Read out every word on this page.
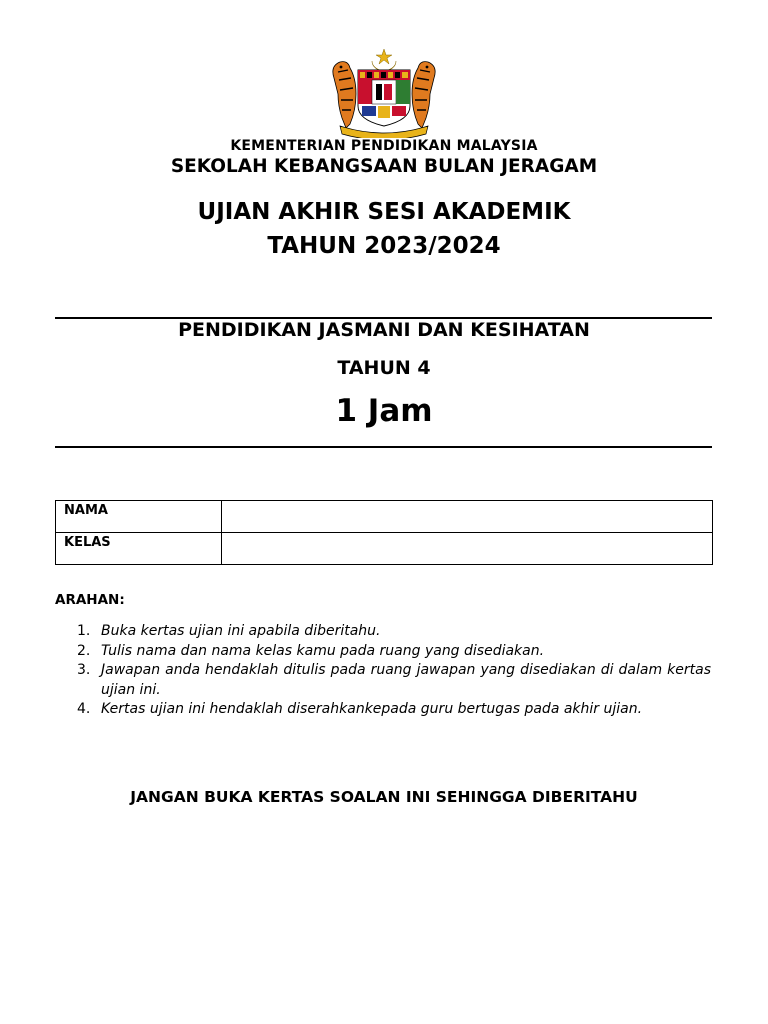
KEMENTERIAN PENDIDIKAN MALAYSIA

SEKOLAH KEBANGSAAN BULAN JERAGAM

UJIAN AKHIR SESI AKADEMIK

TAHUN 2023/2024

PENDIDIKAN JASMANI DAN KESIHATAN

TAHUN 4

1 Jam

NAMA	
KELAS	

ARAHAN:

1. Buka kertas ujian ini apabila diberitahu.
2. Tulis nama dan nama kelas kamu pada ruang yang disediakan.
3. Jawapan anda hendaklah ditulis pada ruang jawapan yang disediakan di dalam kertas ujian ini.
4. Kertas ujian ini hendaklah diserahkankepada guru bertugas pada akhir ujian.

JANGAN BUKA KERTAS SOALAN INI SEHINGGA DIBERITAHU
